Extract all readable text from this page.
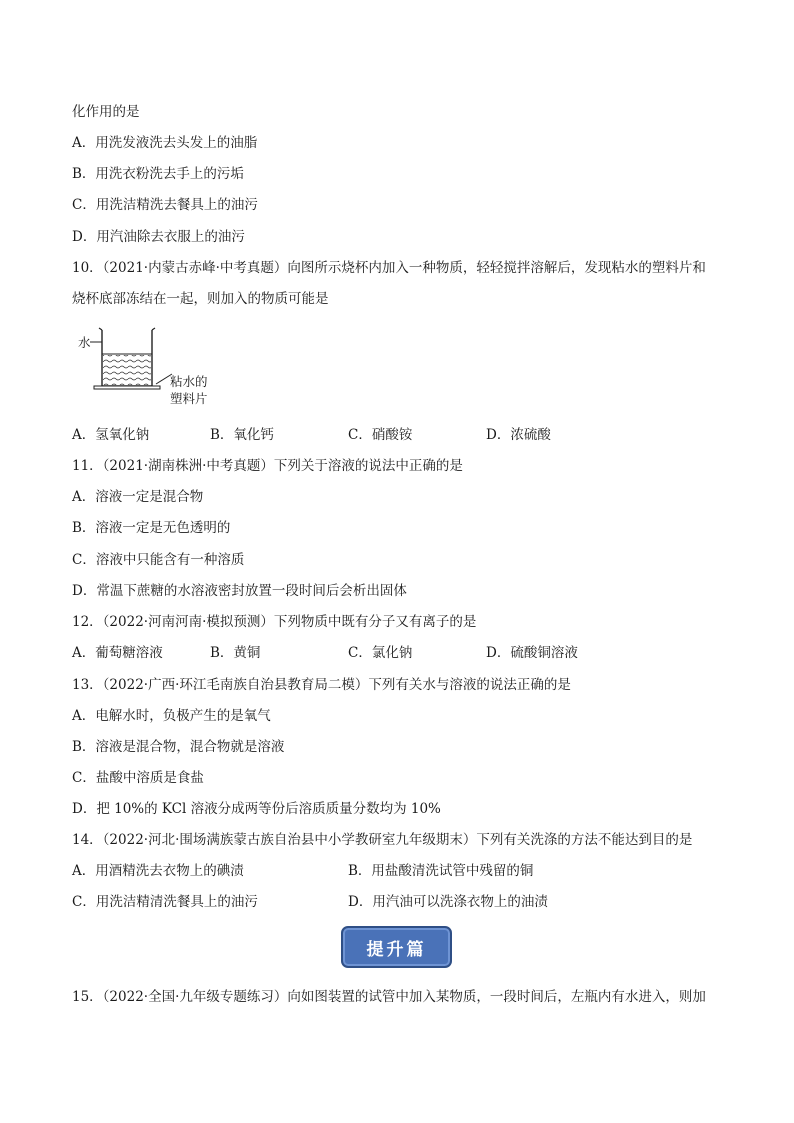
化作用的是
A．用洗发液洗去头发上的油脂
B．用洗衣粉洗去手上的污垢
C．用洗洁精洗去餐具上的油污
D．用汽油除去衣服上的油污
10．（2021·内蒙古赤峰·中考真题）向图所示烧杯内加入一种物质，轻轻搅拌溶解后，发现粘水的塑料片和
烧杯底部冻结在一起，则加入的物质可能是
水
粘水的
塑料片
A．氢氧化钠	B．氧化钙	C．硝酸铵	D．浓硫酸
11．（2021·湖南株洲·中考真题）下列关于溶液的说法中正确的是
A．溶液一定是混合物
B．溶液一定是无色透明的
C．溶液中只能含有一种溶质
D．常温下蔗糖的水溶液密封放置一段时间后会析出固体
12．（2022·河南河南·模拟预测）下列物质中既有分子又有离子的是
A．葡萄糖溶液	B．黄铜	C．氯化钠	D．硫酸铜溶液
13．（2022·广西·环江毛南族自治县教育局二模）下列有关水与溶液的说法正确的是
A．电解水时，负极产生的是氧气
B．溶液是混合物，混合物就是溶液
C．盐酸中溶质是食盐
D．把 10%的 KCl 溶液分成两等份后溶质质量分数均为 10%
14．（2022·河北·围场满族蒙古族自治县中小学教研室九年级期末）下列有关洗涤的方法不能达到目的是
A．用酒精洗去衣物上的碘渍	B．用盐酸清洗试管中残留的铜
C．用洗洁精清洗餐具上的油污	D．用汽油可以洗涤衣物上的油渍
提升篇
15．（2022·全国·九年级专题练习）向如图装置的试管中加入某物质，一段时间后，左瓶内有水进入，则加
